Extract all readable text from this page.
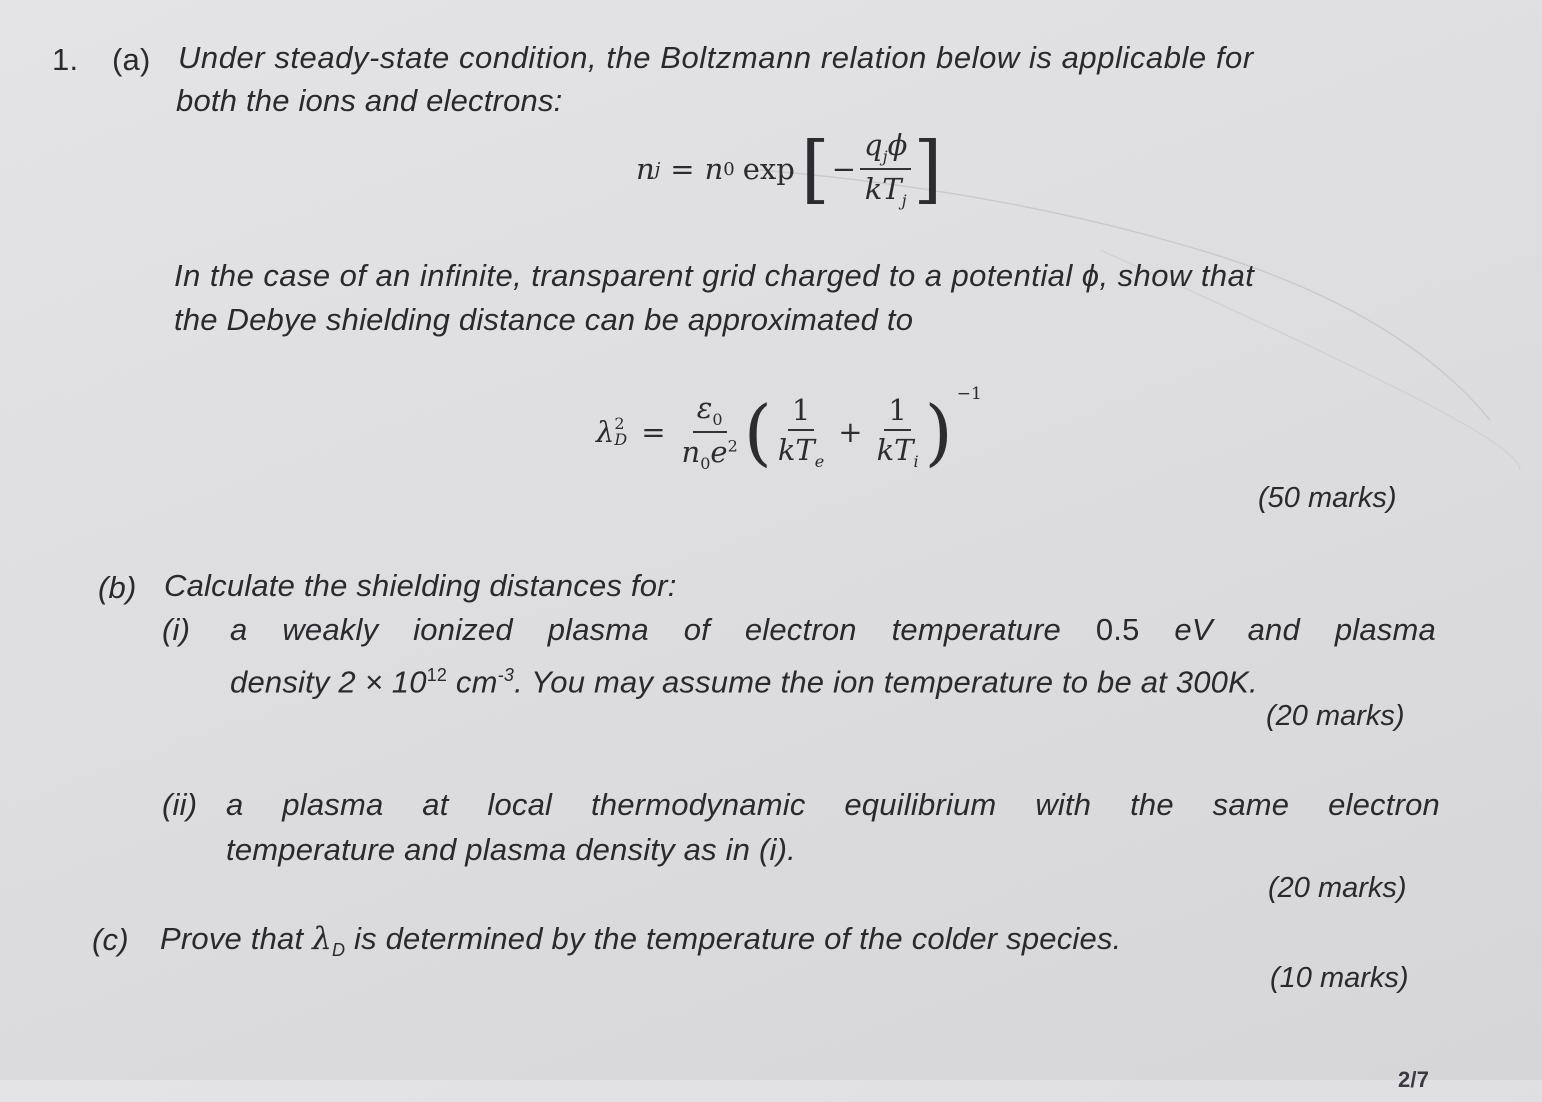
1. (a) Under steady-state condition, the Boltzmann relation below is applicable for
both the ions and electrons:
n j = n 0 exp [ − $\frac{q_j\phi}{kT_j}$ ]
In the case of an infinite, transparent grid charged to a potential ϕ, show that
the Debye shielding distance can be approximated to
λ 2
$D = \frac{\varepsilon_0}{n_0e^2}$ ( $\frac{1}{kT_e} + \frac{1}{kT_i} )^{-1}$
(50 marks)
(b) Calculate the shielding distances for:
(i) a weakly ionized plasma of electron temperature 0.5 eV and plasma
density $2 \times 10^{12}$ $cm^{-3}$. You may assume the ion temperature to be at 300K.
(20 marks)
(ii) a plasma at local thermodynamic equilibrium with the same electron
temperature and plasma density as in (i).
(20 marks)
(c) Prove that $\lambda_D$ is determined by the temperature of the colder species.
(10 marks)
2/7
